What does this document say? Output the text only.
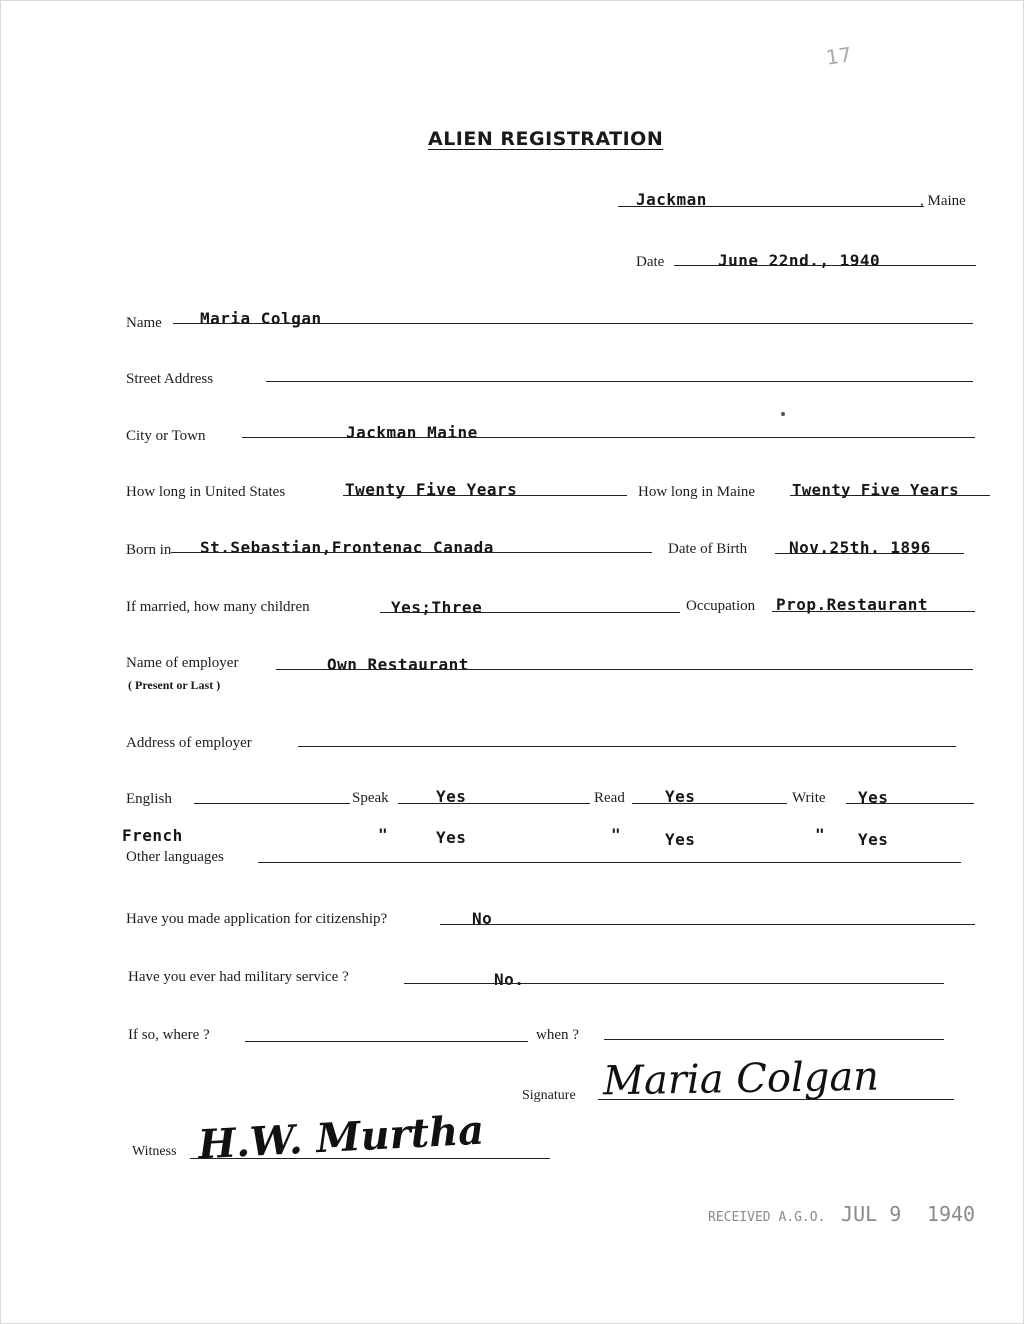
17
ALIEN REGISTRATION
Jackman	, Maine
Date	June 22nd., 1940
Name Maria Colgan
Street Address
City or Town	Jackman Maine
How long in United States	Twenty Five Years	How long in Maine Twenty Five Years
Born in St.Sebastian,Frontenac Canada	Date of Birth	Nov.25th. 1896
If married, how many children	Yes;Three	Occupation Prop.Restaurant
Name of employer
( Present or Last )
Own Restaurant
Address of employer
English	Speak	Yes	Read	Yes	Write Yes
French	"	Yes	"	Yes	" Yes
Other languages
Have you made application for citizenship?	No
Have you ever had military service ?	No.
If so, where ?	when ?
Signature Maria Colgan
Witness H.W. Murtha
RECEIVED A.G.O. JUL 9 1940
